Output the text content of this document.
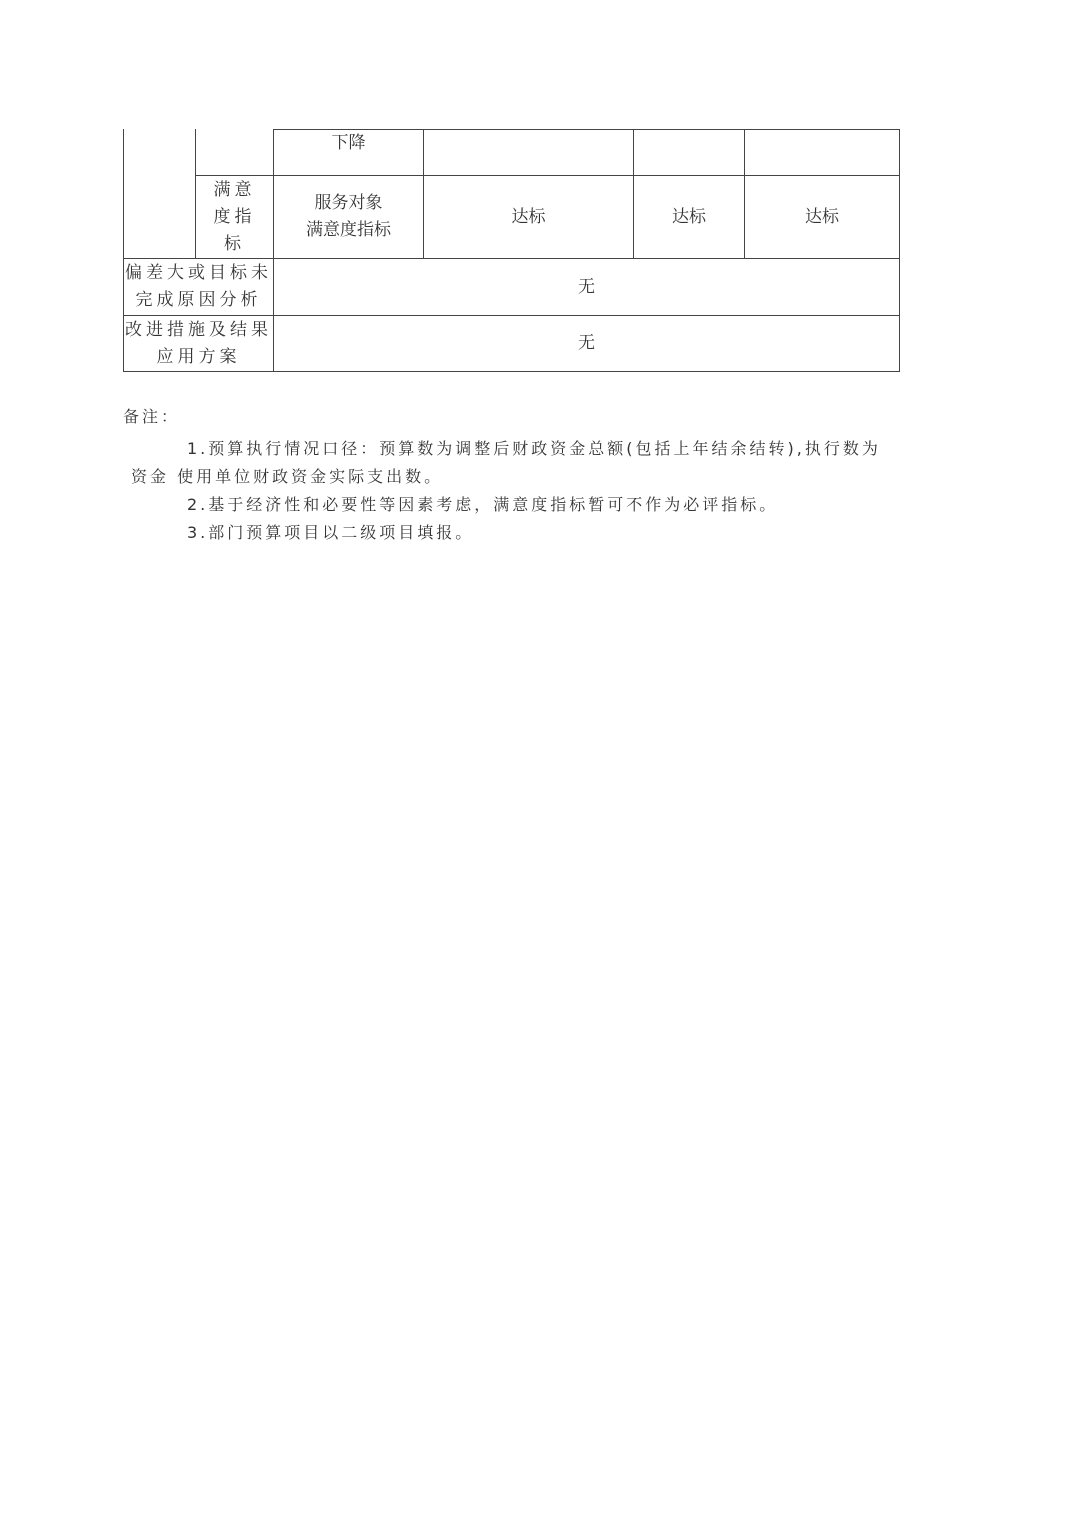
下降
满意
度指
标
服务对象
满意度指标
达标	达标	达标
偏差大或目标未
完成原因分析
无
改进措施及结果
应用方案
无

备注：

1.预算执行情况口径：预算数为调整后财政资金总额(包括上年结余结转),执行数为

资金 使用单位财政资金实际支出数。

2.基于经济性和必要性等因素考虑，满意度指标暂可不作为必评指标。

3.部门预算项目以二级项目填报。
